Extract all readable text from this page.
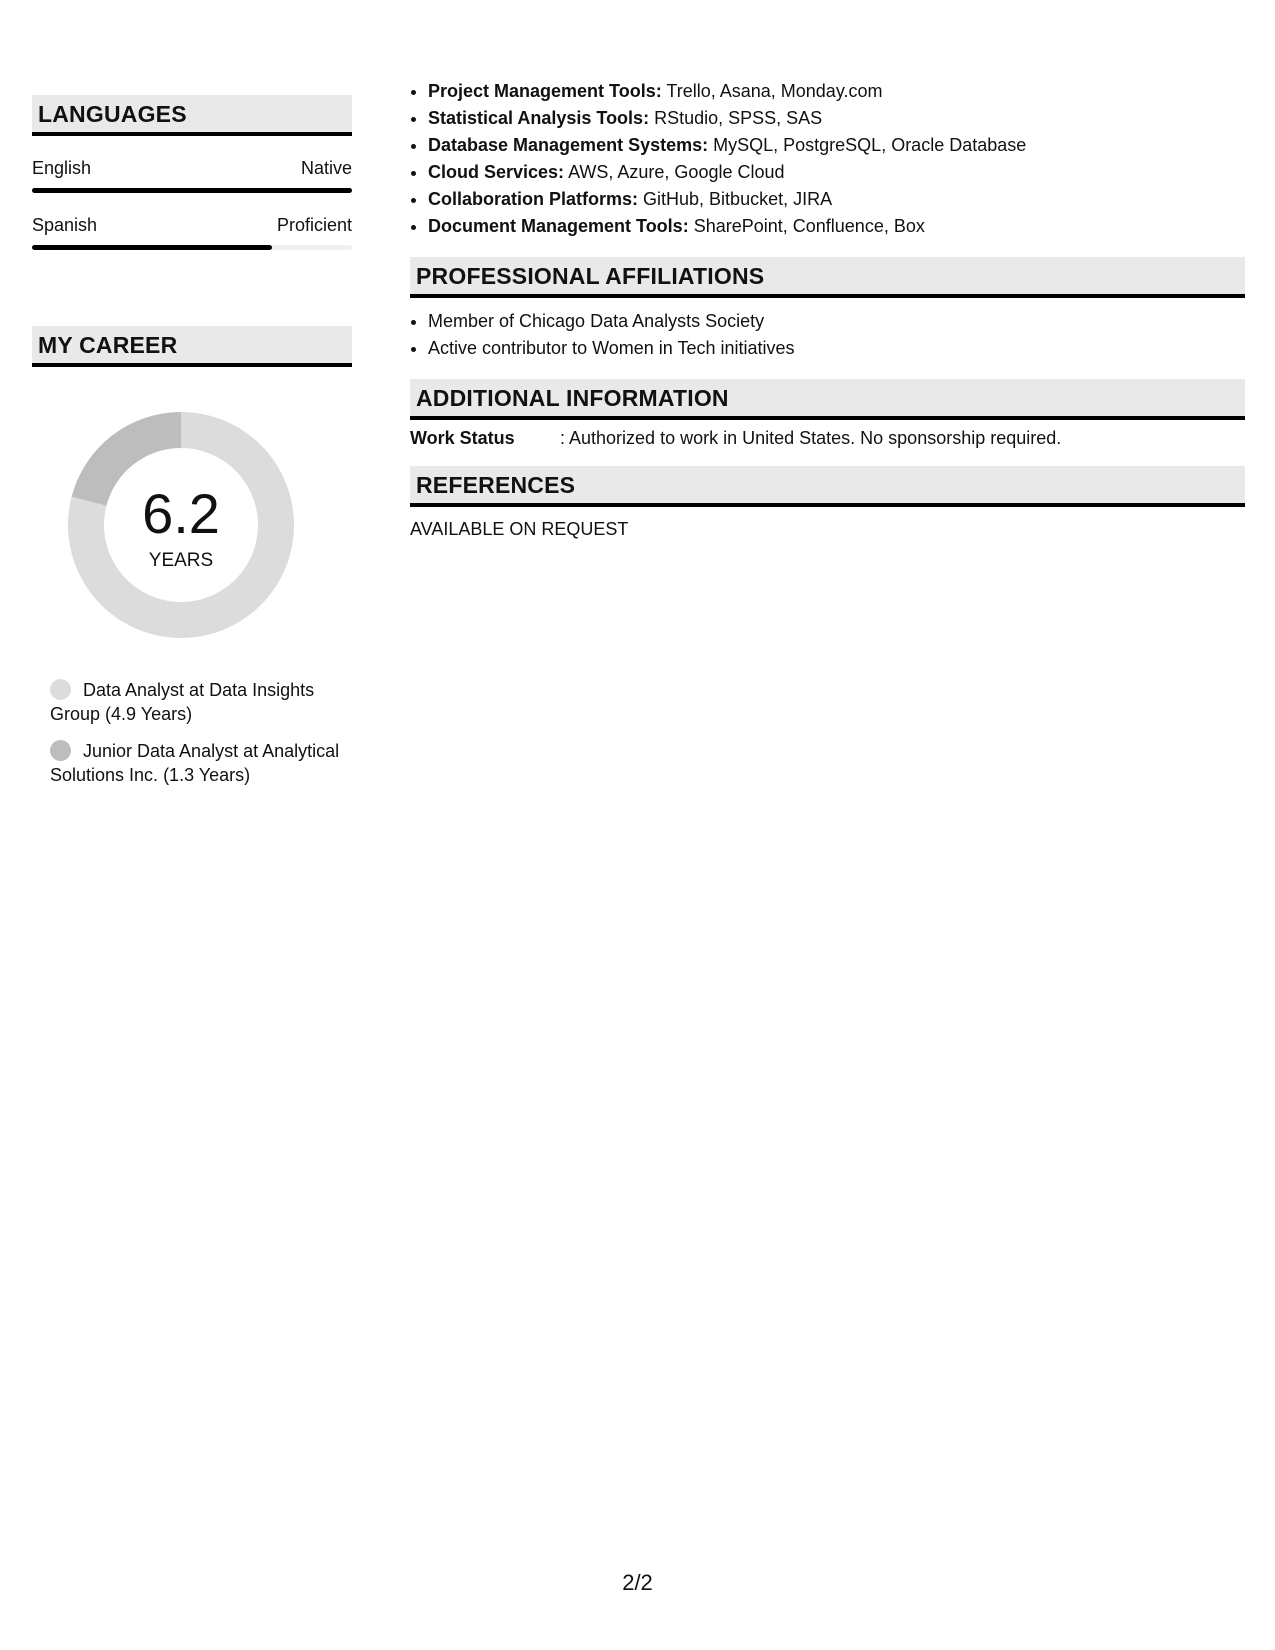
LANGUAGES
English	Native
Spanish	Proficient
MY CAREER
6.2
YEARS
Data Analyst at Data Insights Group (4.9 Years)
Junior Data Analyst at Analytical Solutions Inc. (1.3 Years)
• Project Management Tools: Trello, Asana, Monday.com
• Statistical Analysis Tools: RStudio, SPSS, SAS
• Database Management Systems: MySQL, PostgreSQL, Oracle Database
• Cloud Services: AWS, Azure, Google Cloud
• Collaboration Platforms: GitHub, Bitbucket, JIRA
• Document Management Tools: SharePoint, Confluence, Box
PROFESSIONAL AFFILIATIONS
• Member of Chicago Data Analysts Society
• Active contributor to Women in Tech initiatives
ADDITIONAL INFORMATION
Work Status	: Authorized to work in United States. No sponsorship required.
REFERENCES
AVAILABLE ON REQUEST
2/2
